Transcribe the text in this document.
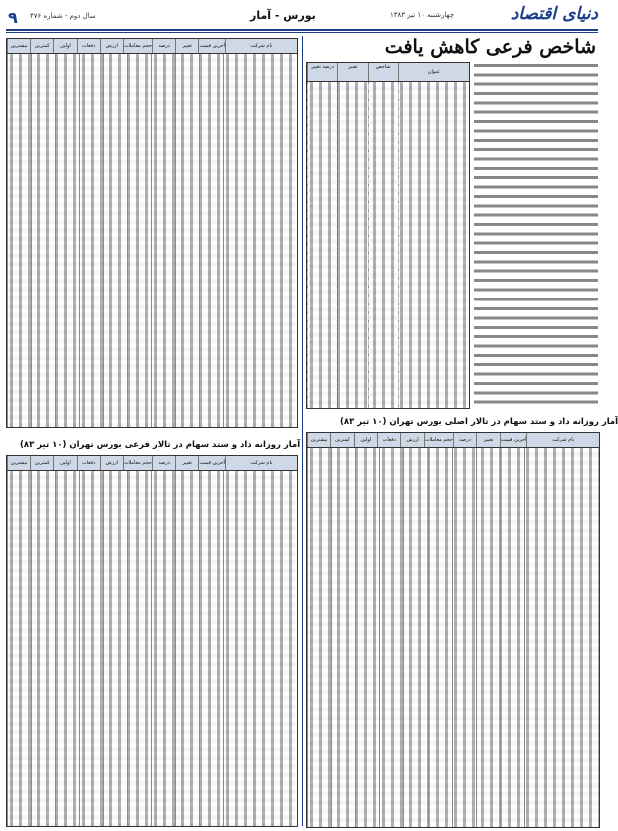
دنیای اقتصاد
چهارشنبه ۱۰ تیر ۱۳۸۳
بورس - آمار
سال دوم - شماره ۴۷۶
۹
نام شرکت
آخرین قیمت
تغییر
درصد
حجم معاملات
ارزش
دفعات
اولین
کمترین
بیشترین
آمار روزانه داد و ستد سهام در تالار فرعی بورس تهران (۱۰ تیر ۸۳)
نام شرکت
آخرین قیمت
تغییر
درصد
حجم معاملات
ارزش
دفعات
اولین
کمترین
بیشترین
شاخص فرعی کاهش یافت
عنوان
شاخص
تغییر
درصد تغییر
آمار روزانه داد و ستد سهام در تالار اصلی بورس تهران (۱۰ تیر ۸۳)
نام شرکت
آخرین قیمت
تغییر
درصد
حجم معاملات
ارزش
دفعات
اولین
کمترین
بیشترین
